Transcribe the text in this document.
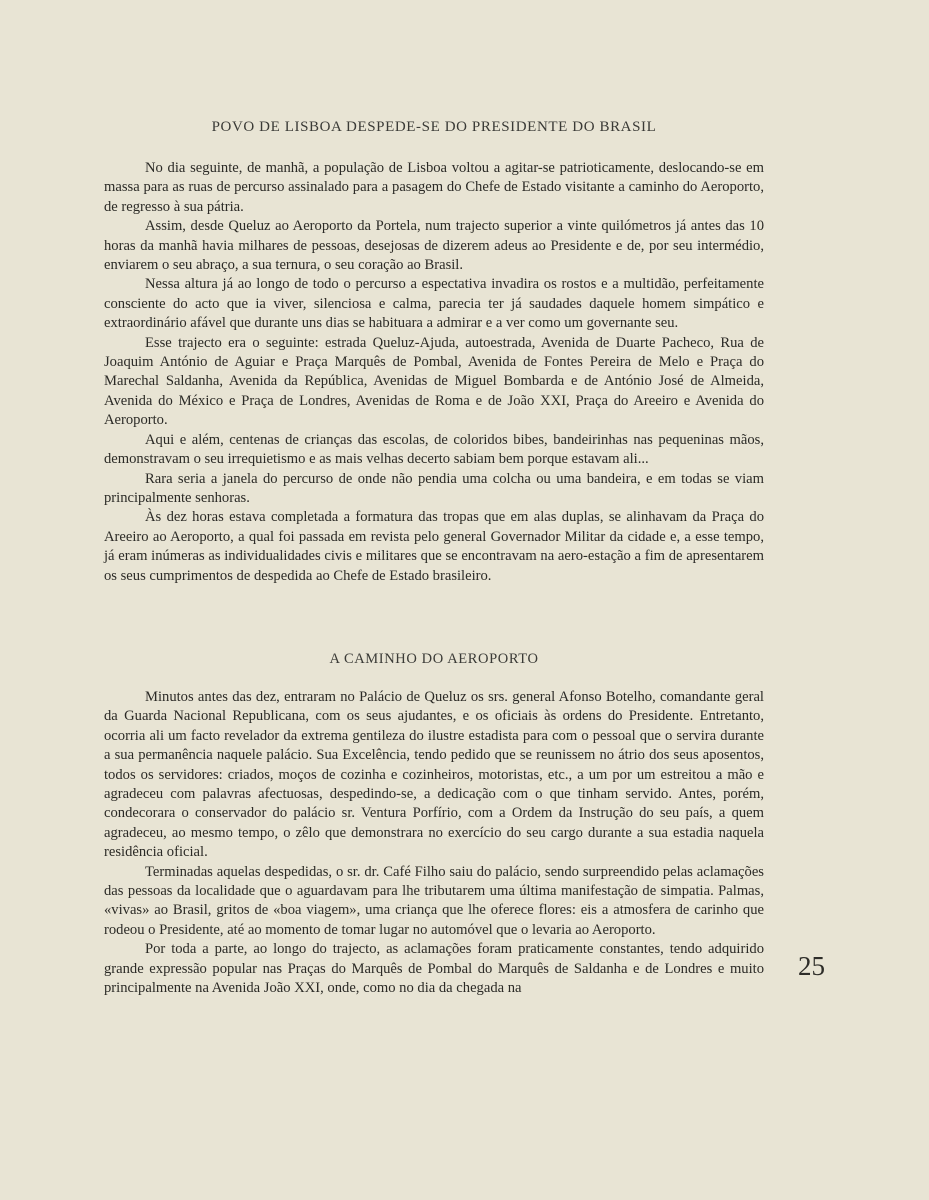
POVO DE LISBOA DESPEDE-SE DO PRESIDENTE DO BRASIL

No dia seguinte, de manhã, a população de Lisboa voltou a agitar-se patrioticamente, deslocando-se em massa para as ruas de percurso assinalado para a pasagem do Chefe de Estado visitante a caminho do Aeroporto, de regresso à sua pátria.

Assim, desde Queluz ao Aeroporto da Portela, num trajecto superior a vinte quilómetros já antes das 10 horas da manhã havia milhares de pessoas, desejosas de dizerem adeus ao Presidente e de, por seu intermédio, enviarem o seu abraço, a sua ternura, o seu coração ao Brasil.

Nessa altura já ao longo de todo o percurso a espectativa invadira os rostos e a multidão, perfeitamente consciente do acto que ia viver, silenciosa e calma, parecia ter já saudades daquele homem simpático e extraordinário afável que durante uns dias se habituara a admirar e a ver como um governante seu.

Esse trajecto era o seguinte: estrada Queluz-Ajuda, autoestrada, Avenida de Duarte Pacheco, Rua de Joaquim António de Aguiar e Praça Marquês de Pombal, Avenida de Fontes Pereira de Melo e Praça do Marechal Saldanha, Avenida da República, Avenidas de Miguel Bombarda e de António José de Almeida, Avenida do México e Praça de Londres, Avenidas de Roma e de João XXI, Praça do Areeiro e Avenida do Aeroporto.

Aqui e além, centenas de crianças das escolas, de coloridos bibes, bandeirinhas nas pequeninas mãos, demonstravam o seu irrequietismo e as mais velhas decerto sabiam bem porque estavam ali...

Rara seria a janela do percurso de onde não pendia uma colcha ou uma bandeira, e em todas se viam principalmente senhoras.

Às dez horas estava completada a formatura das tropas que em alas duplas, se alinhavam da Praça do Areeiro ao Aeroporto, a qual foi passada em revista pelo general Governador Militar da cidade e, a esse tempo, já eram inúmeras as individualidades civis e militares que se encontravam na aero-estação a fim de apresentarem os seus cumprimentos de despedida ao Chefe de Estado brasileiro.

A CAMINHO DO AEROPORTO

Minutos antes das dez, entraram no Palácio de Queluz os srs. general Afonso Botelho, comandante geral da Guarda Nacional Republicana, com os seus ajudantes, e os oficiais às ordens do Presidente. Entretanto, ocorria ali um facto revelador da extrema gentileza do ilustre estadista para com o pessoal que o servira durante a sua permanência naquele palácio. Sua Excelência, tendo pedido que se reunissem no átrio dos seus aposentos, todos os servidores: criados, moços de cozinha e cozinheiros, motoristas, etc., a um por um estreitou a mão e agradeceu com palavras afectuosas, despedindo-se, a dedicação com o que tinham servido. Antes, porém, condecorara o conservador do palácio sr. Ventura Porfírio, com a Ordem da Instrução do seu país, a quem agradeceu, ao mesmo tempo, o zêlo que demonstrara no exercício do seu cargo durante a sua estadia naquela residência oficial.

Terminadas aquelas despedidas, o sr. dr. Café Filho saiu do palácio, sendo surpreendido pelas aclamações das pessoas da localidade que o aguardavam para lhe tributarem uma última manifestação de simpatia. Palmas, «vivas» ao Brasil, gritos de «boa viagem», uma criança que lhe oferece flores: eis a atmosfera de carinho que rodeou o Presidente, até ao momento de tomar lugar no automóvel que o levaria ao Aeroporto.

Por toda a parte, ao longo do trajecto, as aclamações foram praticamente constantes, tendo adquirido grande expressão popular nas Praças do Marquês de Pombal do Marquês de Saldanha e de Londres e muito principalmente na Avenida João XXI, onde, como no dia da chegada na

25
